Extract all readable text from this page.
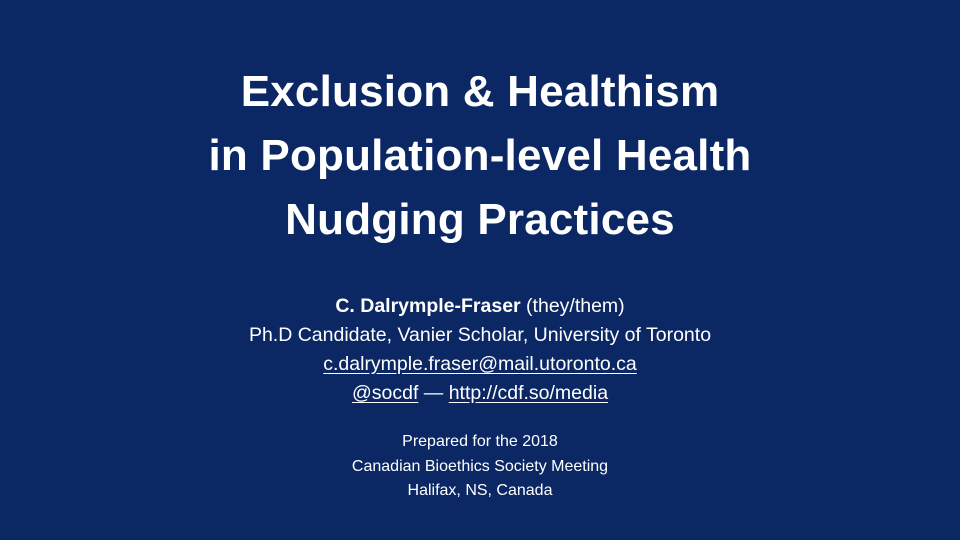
Exclusion & Healthism
in Population-level Health
Nudging Practices
C. Dalrymple-Fraser (they/them)
Ph.D Candidate, Vanier Scholar, University of Toronto
c.dalrymple.fraser@mail.utoronto.ca
@socdf — http://cdf.so/media
Prepared for the 2018
Canadian Bioethics Society Meeting
Halifax, NS, Canada
